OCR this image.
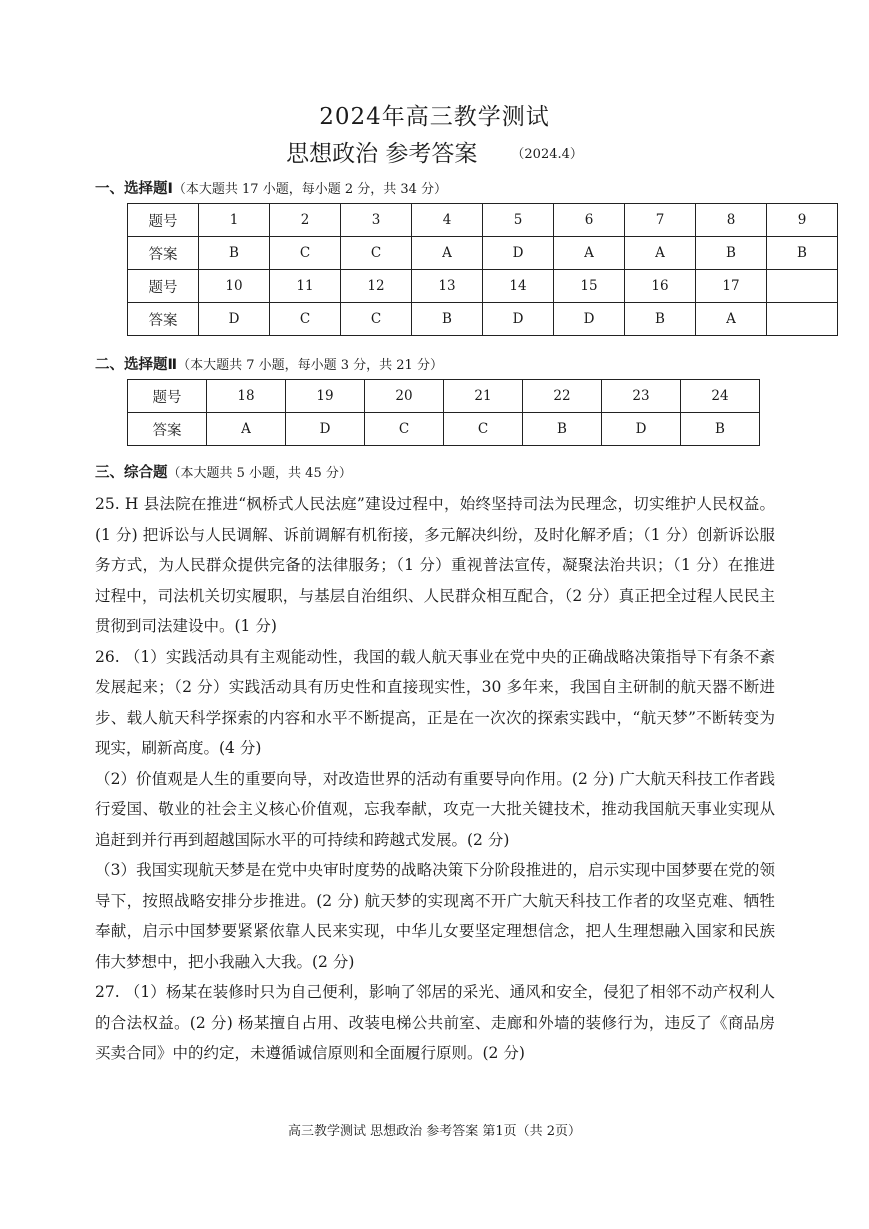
2024年高三教学测试
思想政治 参考答案	（2024.4）
一、选择题Ⅰ（本大题共 17 小题，每小题 2 分，共 34 分）
题号	1	2	3	4	5	6	7	8	9
答案	B	C	C	A	D	A	A	B	B
题号	10	11	12	13	14	15	16	17	
答案	D	C	C	B	D	D	B	A	
二、选择题Ⅱ（本大题共 7 小题，每小题 3 分，共 21 分）
题号	18	19	20	21	22	23	24
答案	A	D	C	C	B	D	B
三、综合题（本大题共 5 小题，共 45 分）

25. H 县法院在推进“枫桥式人民法庭”建设过程中，始终坚持司法为民理念，切实维护人民权益。(1 分) 把诉讼与人民调解、诉前调解有机衔接，多元解决纠纷，及时化解矛盾；（1 分）创新诉讼服务方式，为人民群众提供完备的法律服务；（1 分）重视普法宣传，凝聚法治共识；（1 分）在推进过程中，司法机关切实履职，与基层自治组织、人民群众相互配合，（2 分）真正把全过程人民民主贯彻到司法建设中。(1 分)

26. （1）实践活动具有主观能动性，我国的载人航天事业在党中央的正确战略决策指导下有条不紊发展起来；（2 分）实践活动具有历史性和直接现实性，30 多年来，我国自主研制的航天器不断进步、载人航天科学探索的内容和水平不断提高，正是在一次次的探索实践中，“航天梦”不断转变为现实，刷新高度。(4 分)

（2）价值观是人生的重要向导，对改造世界的活动有重要导向作用。(2 分) 广大航天科技工作者践行爱国、敬业的社会主义核心价值观，忘我奉献，攻克一大批关键技术，推动我国航天事业实现从追赶到并行再到超越国际水平的可持续和跨越式发展。(2 分)

（3）我国实现航天梦是在党中央审时度势的战略决策下分阶段推进的，启示实现中国梦要在党的领导下，按照战略安排分步推进。(2 分) 航天梦的实现离不开广大航天科技工作者的攻坚克难、牺牲奉献，启示中国梦要紧紧依靠人民来实现，中华儿女要坚定理想信念，把人生理想融入国家和民族伟大梦想中，把小我融入大我。(2 分)

27. （1）杨某在装修时只为自己便利，影响了邻居的采光、通风和安全，侵犯了相邻不动产权利人的合法权益。(2 分) 杨某擅自占用、改装电梯公共前室、走廊和外墙的装修行为，违反了《商品房买卖合同》中的约定，未遵循诚信原则和全面履行原则。(2 分)

高三教学测试 思想政治 参考答案 第1页（共 2页）
